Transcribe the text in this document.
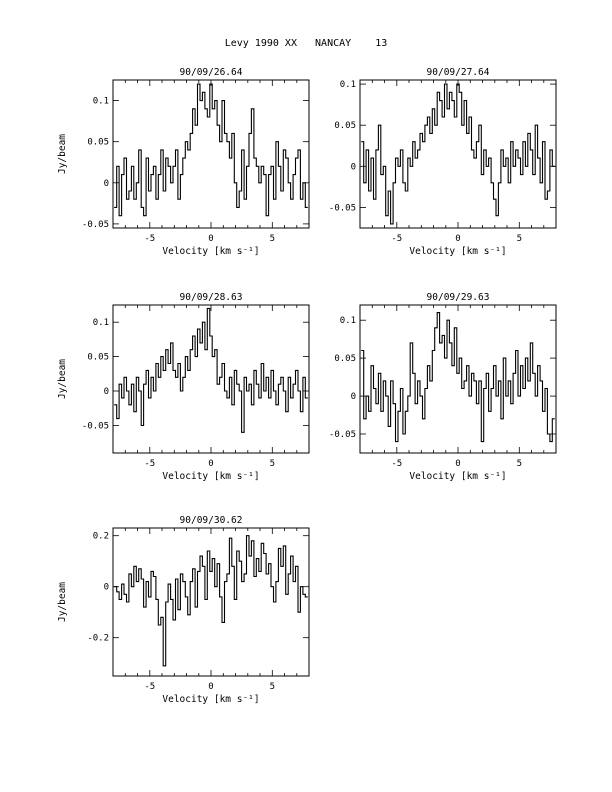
Levy 1990 XX   NANCAY    13
-5	0	5
-0.05
0
0.05
0.1
90/09/26.64
Velocity [km s⁻¹]
Jy/beam
-5	0	5
-0.05
0
0.05
0.1
90/09/27.64
Velocity [km s⁻¹]
-5	0	5
-0.05
0
0.05
0.1
90/09/28.63
Velocity [km s⁻¹]
Jy/beam
-5	0	5
-0.05
0
0.05
0.1
90/09/29.63
Velocity [km s⁻¹]
-5	0	5
-0.2
0
0.2
90/09/30.62
Velocity [km s⁻¹]
Jy/beam
